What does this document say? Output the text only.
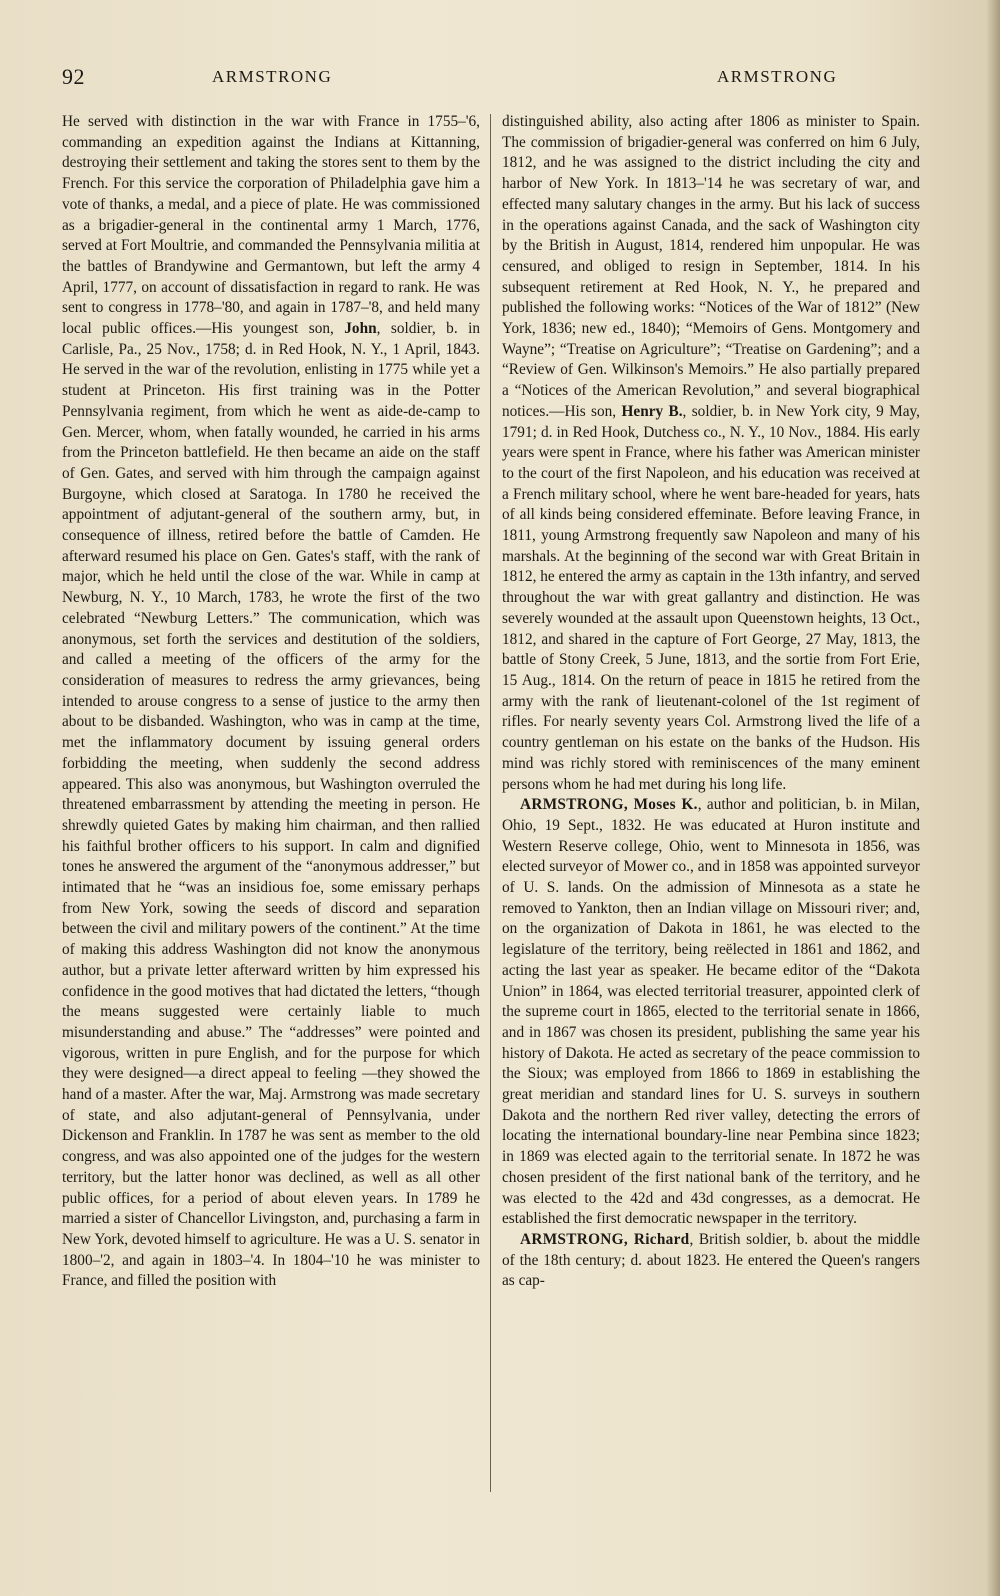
92	ARMSTRONG	ARMSTRONG

He served with distinction in the war with France in 1755–'6, commanding an expedition against the Indians at Kittanning, destroying their settlement and taking the stores sent to them by the French. For this service the corporation of Philadelphia gave him a vote of thanks, a medal, and a piece of plate. He was commissioned as a brigadier-general in the continental army 1 March, 1776, served at Fort Moultrie, and commanded the Pennsylvania militia at the battles of Brandywine and Germantown, but left the army 4 April, 1777, on account of dissatisfaction in regard to rank. He was sent to congress in 1778–'80, and again in 1787–'8, and held many local public offices.—His youngest son, John, soldier, b. in Carlisle, Pa., 25 Nov., 1758; d. in Red Hook, N. Y., 1 April, 1843. He served in the war of the revolution, enlisting in 1775 while yet a student at Princeton. His first training was in the Potter Pennsylvania regiment, from which he went as aide-de-camp to Gen. Mercer, whom, when fatally wounded, he carried in his arms from the Princeton battlefield. He then became an aide on the staff of Gen. Gates, and served with him through the campaign against Burgoyne, which closed at Saratoga. In 1780 he received the appointment of adjutant-general of the southern army, but, in consequence of illness, retired before the battle of Camden. He afterward resumed his place on Gen. Gates's staff, with the rank of major, which he held until the close of the war. While in camp at Newburg, N. Y., 10 March, 1783, he wrote the first of the two celebrated “Newburg Letters.” The communication, which was anonymous, set forth the services and destitution of the soldiers, and called a meeting of the officers of the army for the consideration of measures to redress the army grievances, being intended to arouse congress to a sense of justice to the army then about to be disbanded. Washington, who was in camp at the time, met the inflammatory document by issuing general orders forbidding the meeting, when suddenly the second address appeared. This also was anonymous, but Washington overruled the threatened embarrassment by attending the meeting in person. He shrewdly quieted Gates by making him chairman, and then rallied his faithful brother officers to his support. In calm and dignified tones he answered the argument of the “anonymous addresser,” but intimated that he “was an insidious foe, some emissary perhaps from New York, sowing the seeds of discord and separation between the civil and military powers of the continent.” At the time of making this address Washington did not know the anonymous author, but a private letter afterward written by him expressed his confidence in the good motives that had dictated the letters, “though the means suggested were certainly liable to much misunderstanding and abuse.” The “addresses” were pointed and vigorous, written in pure English, and for the purpose for which they were designed—a direct appeal to feeling —they showed the hand of a master. After the war, Maj. Armstrong was made secretary of state, and also adjutant-general of Pennsylvania, under Dickenson and Franklin. In 1787 he was sent as member to the old congress, and was also appointed one of the judges for the western territory, but the latter honor was declined, as well as all other public offices, for a period of about eleven years. In 1789 he married a sister of Chancellor Livingston, and, purchasing a farm in New York, devoted himself to agriculture. He was a U. S. senator in 1800–'2, and again in 1803–'4. In 1804–'10 he was minister to France, and filled the position with

distinguished ability, also acting after 1806 as minister to Spain. The commission of brigadier-general was conferred on him 6 July, 1812, and he was assigned to the district including the city and harbor of New York. In 1813–'14 he was secretary of war, and effected many salutary changes in the army. But his lack of success in the operations against Canada, and the sack of Washington city by the British in August, 1814, rendered him unpopular. He was censured, and obliged to resign in September, 1814. In his subsequent retirement at Red Hook, N. Y., he prepared and published the following works: “Notices of the War of 1812” (New York, 1836; new ed., 1840); “Memoirs of Gens. Montgomery and Wayne”; “Treatise on Agriculture”; “Treatise on Gardening”; and a “Review of Gen. Wilkinson's Memoirs.” He also partially prepared a “Notices of the American Revolution,” and several biographical notices.—His son, Henry B., soldier, b. in New York city, 9 May, 1791; d. in Red Hook, Dutchess co., N. Y., 10 Nov., 1884. His early years were spent in France, where his father was American minister to the court of the first Napoleon, and his education was received at a French military school, where he went bare-headed for years, hats of all kinds being considered effeminate. Before leaving France, in 1811, young Armstrong frequently saw Napoleon and many of his marshals. At the beginning of the second war with Great Britain in 1812, he entered the army as captain in the 13th infantry, and served throughout the war with great gallantry and distinction. He was severely wounded at the assault upon Queenstown heights, 13 Oct., 1812, and shared in the capture of Fort George, 27 May, 1813, the battle of Stony Creek, 5 June, 1813, and the sortie from Fort Erie, 15 Aug., 1814. On the return of peace in 1815 he retired from the army with the rank of lieutenant-colonel of the 1st regiment of rifles. For nearly seventy years Col. Armstrong lived the life of a country gentleman on his estate on the banks of the Hudson. His mind was richly stored with reminiscences of the many eminent persons whom he had met during his long life.

ARMSTRONG, Moses K., author and politician, b. in Milan, Ohio, 19 Sept., 1832. He was educated at Huron institute and Western Reserve college, Ohio, went to Minnesota in 1856, was elected surveyor of Mower co., and in 1858 was appointed surveyor of U. S. lands. On the admission of Minnesota as a state he removed to Yankton, then an Indian village on Missouri river; and, on the organization of Dakota in 1861, he was elected to the legislature of the territory, being reëlected in 1861 and 1862, and acting the last year as speaker. He became editor of the “Dakota Union” in 1864, was elected territorial treasurer, appointed clerk of the supreme court in 1865, elected to the territorial senate in 1866, and in 1867 was chosen its president, publishing the same year his history of Dakota. He acted as secretary of the peace commission to the Sioux; was employed from 1866 to 1869 in establishing the great meridian and standard lines for U. S. surveys in southern Dakota and the northern Red river valley, detecting the errors of locating the international boundary-line near Pembina since 1823; in 1869 was elected again to the territorial senate. In 1872 he was chosen president of the first national bank of the territory, and he was elected to the 42d and 43d congresses, as a democrat. He established the first democratic newspaper in the territory.

ARMSTRONG, Richard, British soldier, b. about the middle of the 18th century; d. about 1823. He entered the Queen's rangers as cap-
